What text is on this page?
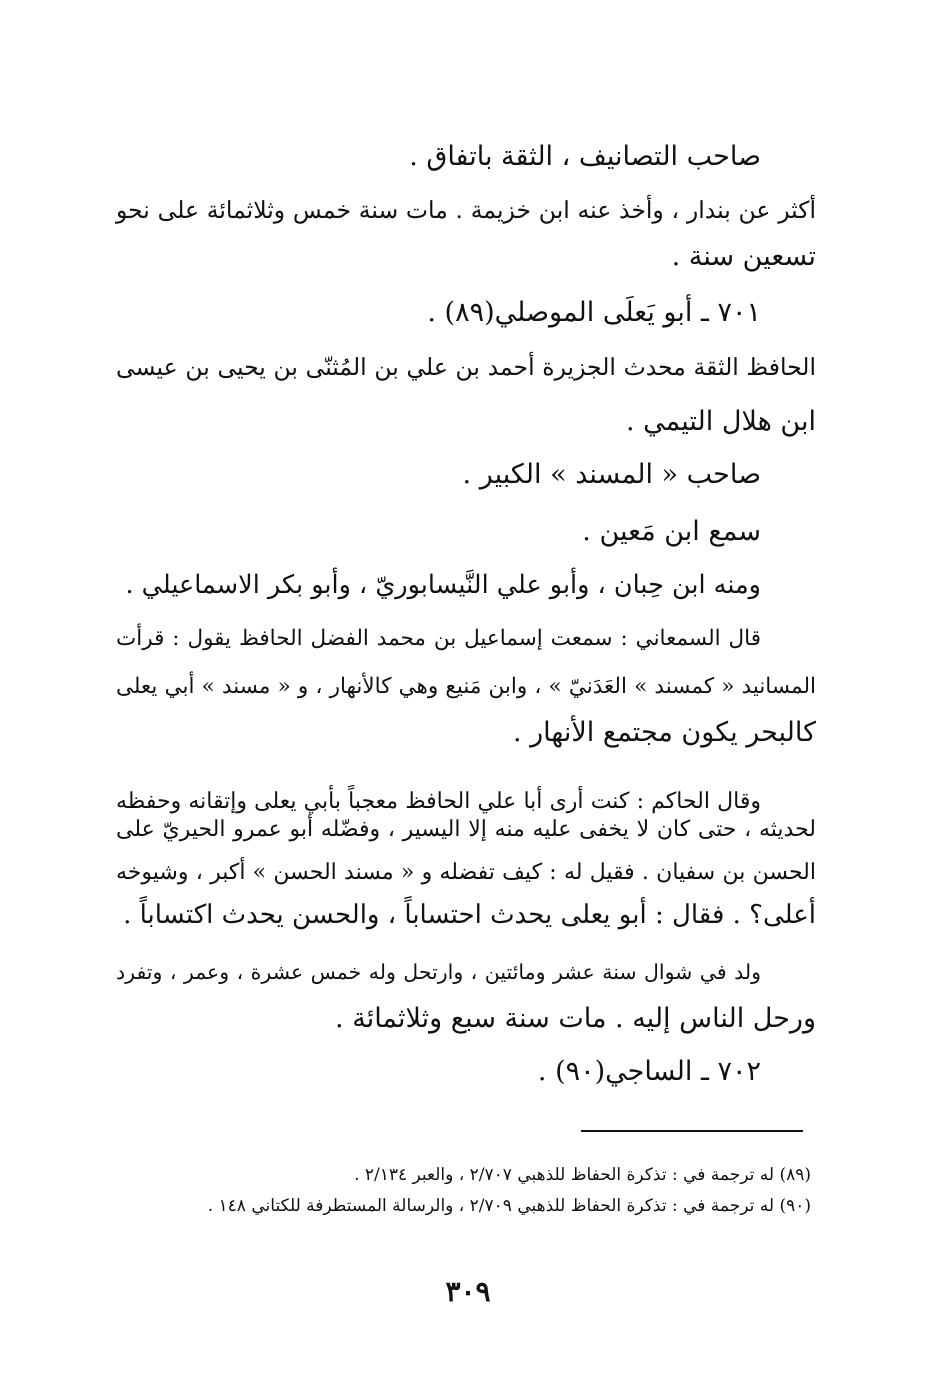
صاحب التصانيف ، الثقة باتفاق .
أكثر عن بندار ، وأخذ عنه ابن خزيمة . مات سنة خمس وثلاثمائة على نحو
تسعين سنة .
٧٠١ ـ أبو يَعلَى الموصلي(٨٩) .
الحافظ الثقة محدث الجزيرة أحمد بن علي بن المُثنّى بن يحيى بن عيسى
ابن هلال التيمي .
صاحب « المسند » الكبير .
سمع ابن مَعين .
ومنه ابن حِبان ، وأبو علي النَّيسابوريّ ، وأبو بكر الاسماعيلي .
قال السمعاني : سمعت إسماعيل بن محمد الفضل الحافظ يقول : قرأت
المسانيد « كمسند » العَدَنيّ » ، وابن مَنيع وهي كالأنهار ، و « مسند » أبي يعلى
كالبحر يكون مجتمع الأنهار .
وقال الحاكم : كنت أرى أبا علي الحافظ معجباً بأبي يعلى وإتقانه وحفظه
لحديثه ، حتى كان لا يخفى عليه منه إلا اليسير ، وفضّله أبو عمرو الحيريّ على
الحسن بن سفيان . فقيل له : كيف تفضله و « مسند الحسن » أكبر ، وشيوخه
أعلى؟ . فقال : أبو يعلى يحدث احتساباً ، والحسن يحدث اكتساباً .
ولد في شوال سنة عشر ومائتين ، وارتحل وله خمس عشرة ، وعمر ، وتفرد
ورحل الناس إليه . مات سنة سبع وثلاثمائة .
٧٠٢ ـ الساجي(٩٠) .
(٨٩) له ترجمة في : تذكرة الحفاظ للذهبي ٢/٧٠٧ ، والعبر ٢/١٣٤ .
(٩٠) له ترجمة في : تذكرة الحفاظ للذهبي ٢/٧٠٩ ، والرسالة المستطرفة للكتاني ١٤٨ .
٣٠٩
